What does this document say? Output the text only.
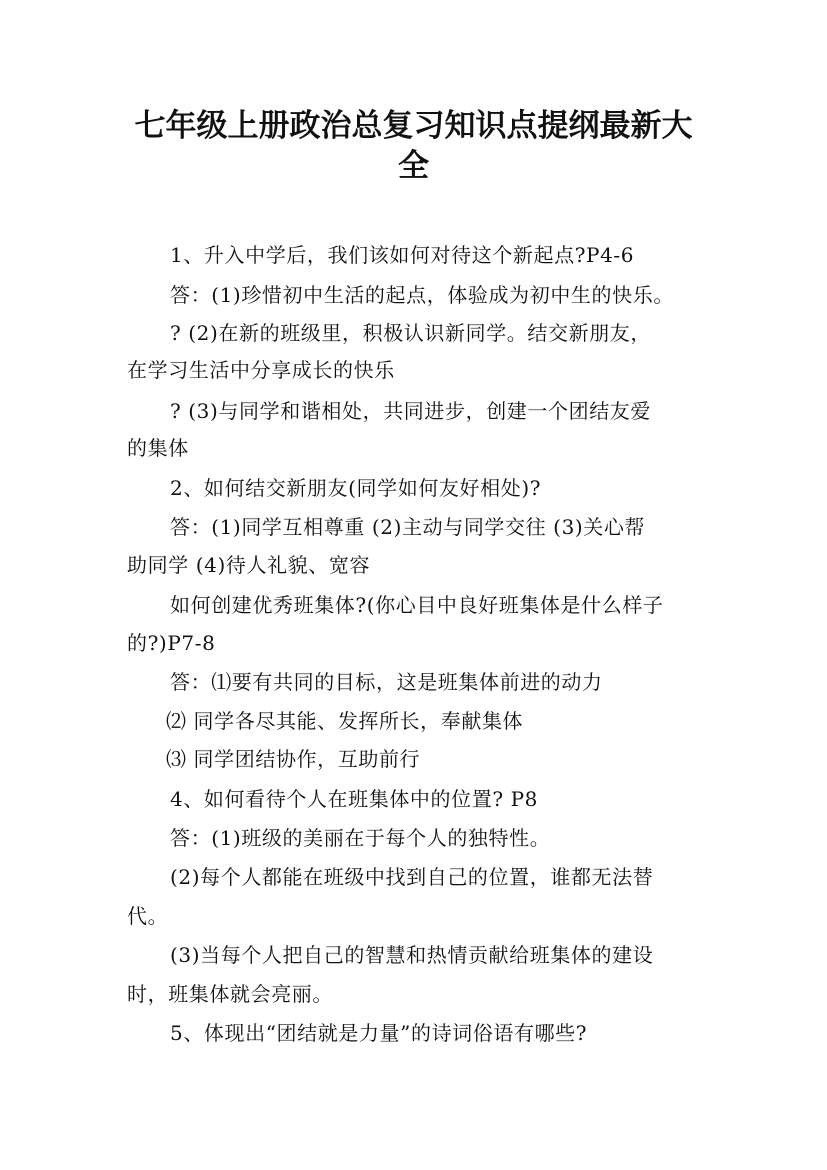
七年级上册政治总复习知识点提纲最新大
全
1、升入中学后，我们该如何对待这个新起点?P4-6
答：(1)珍惜初中生活的起点，体验成为初中生的快乐。
? (2)在新的班级里，积极认识新同学。结交新朋友，
在学习生活中分享成长的快乐
? (3)与同学和谐相处，共同进步，创建一个团结友爱
的集体
2、如何结交新朋友(同学如何友好相处)?
答：(1)同学互相尊重 (2)主动与同学交往 (3)关心帮
助同学 (4)待人礼貌、宽容
如何创建优秀班集体?(你心目中良好班集体是什么样子
的?)P7-8
答：⑴要有共同的目标，这是班集体前进的动力
⑵ 同学各尽其能、发挥所长，奉献集体
⑶ 同学团结协作，互助前行
4、如何看待个人在班集体中的位置? P8
答：(1)班级的美丽在于每个人的独特性。
(2)每个人都能在班级中找到自己的位置，谁都无法替
代。
(3)当每个人把自己的智慧和热情贡献给班集体的建设
时，班集体就会亮丽。
5、体现出“团结就是力量”的诗词俗语有哪些?
